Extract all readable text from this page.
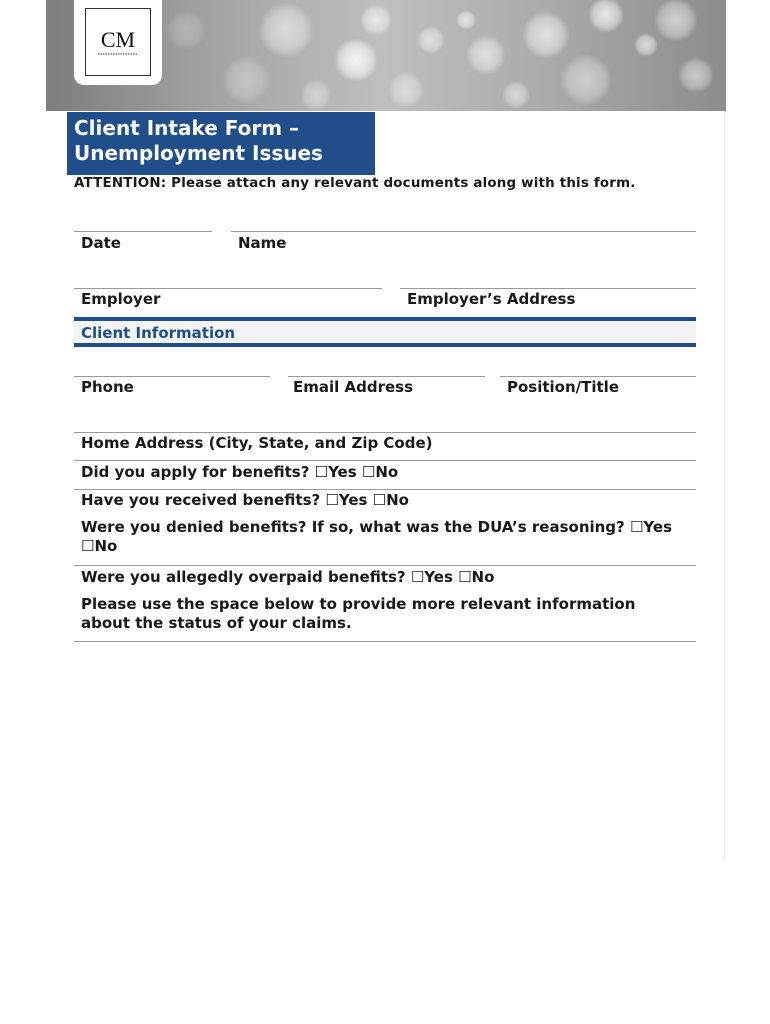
CM
Client Intake Form – Unemployment Issues
ATTENTION: Please attach any relevant documents along with this form.
Date	Name
Employer	Employer’s Address
Client Information
Phone	Email Address	Position/Title
Home Address (City, State, and Zip Code)
Did you apply for benefits? ☐Yes ☐No
Have you received benefits? ☐Yes ☐No
Were you denied benefits? If so, what was the DUA’s reasoning? ☐Yes
☐No
Were you allegedly overpaid benefits? ☐Yes ☐No
Please use the space below to provide more relevant information
about the status of your claims.
